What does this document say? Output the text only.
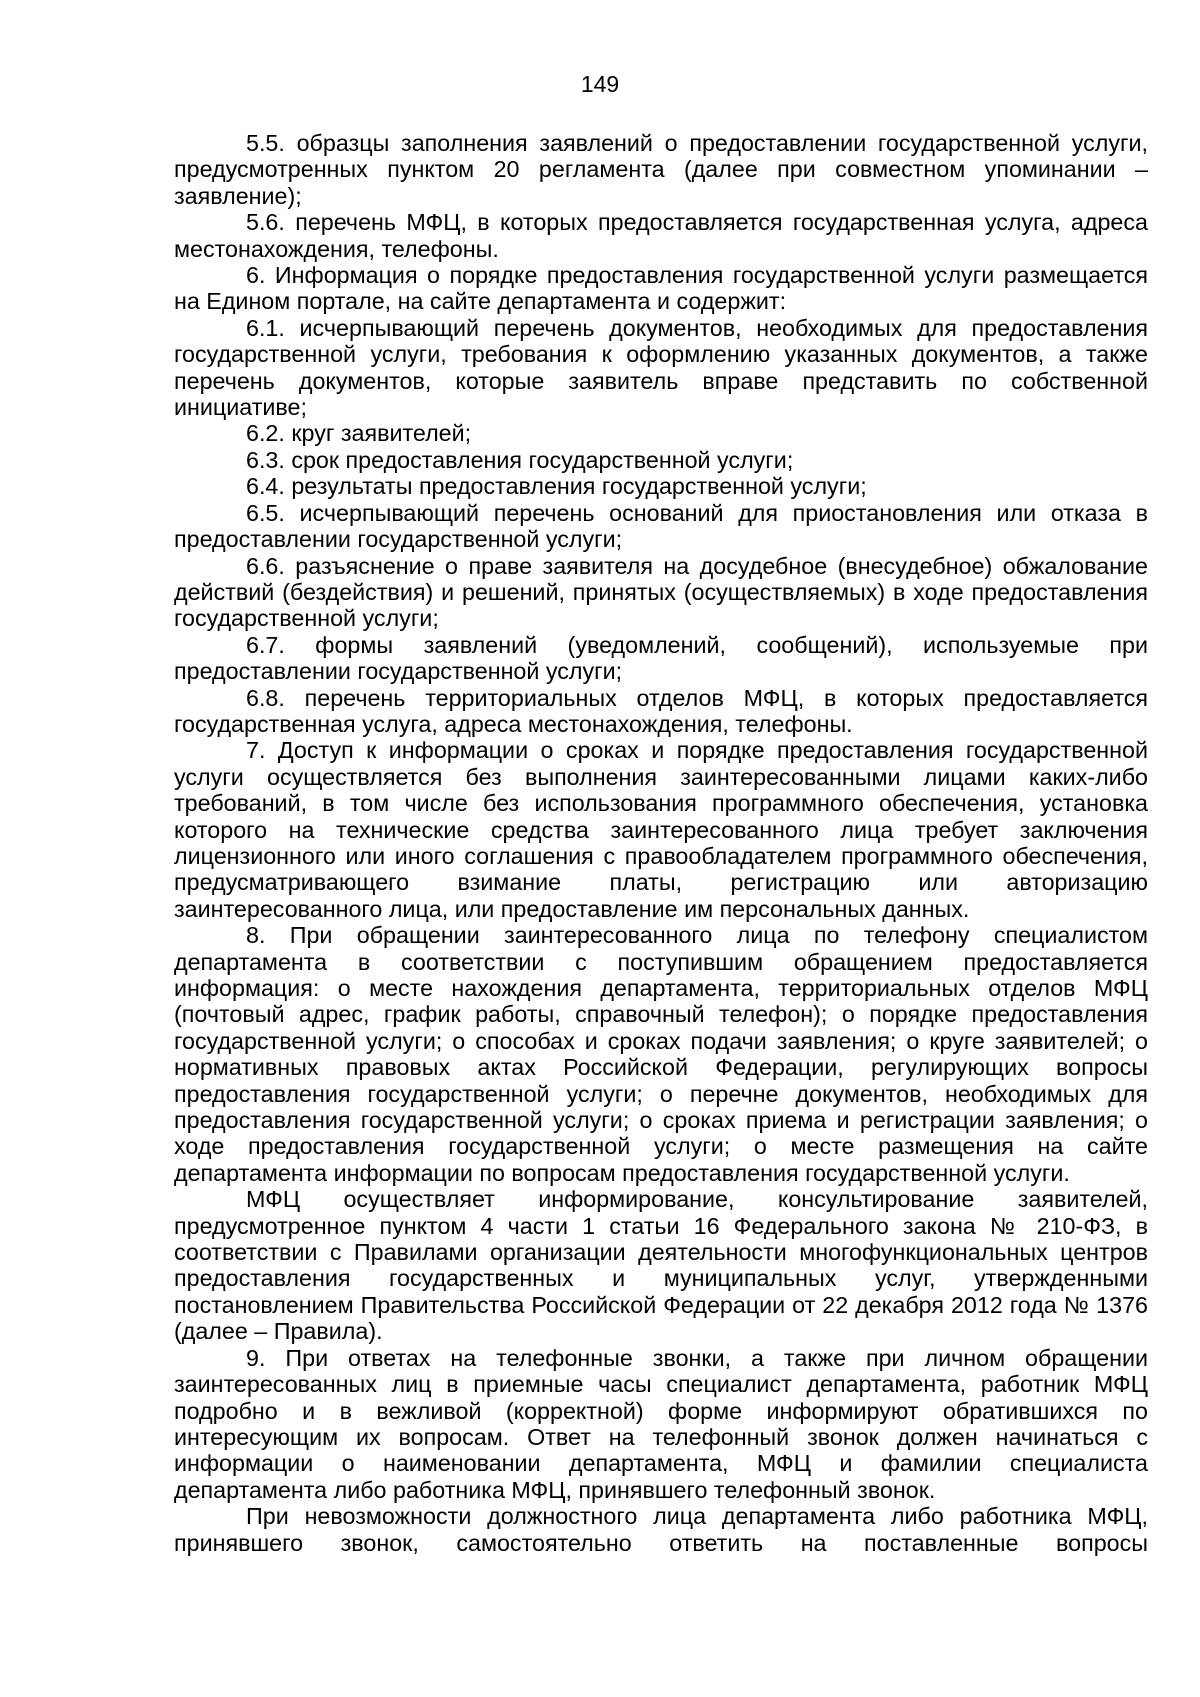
149

5.5. образцы заполнения заявлений о предоставлении государственной услуги, предусмотренных пунктом 20 регламента (далее при совместном упоминании – заявление);

5.6. перечень МФЦ, в которых предоставляется государственная услуга, адреса местонахождения, телефоны.

6. Информация о порядке предоставления государственной услуги размещается на Едином портале, на сайте департамента и содержит:

6.1. исчерпывающий перечень документов, необходимых для предоставления государственной услуги, требования к оформлению указанных документов, а также перечень документов, которые заявитель вправе представить по собственной инициативе;

6.2. круг заявителей;

6.3. срок предоставления государственной услуги;

6.4. результаты предоставления государственной услуги;

6.5. исчерпывающий перечень оснований для приостановления или отказа в предоставлении государственной услуги;

6.6. разъяснение о праве заявителя на досудебное (внесудебное) обжалование действий (бездействия) и решений, принятых (осуществляемых) в ходе предоставления государственной услуги;

6.7. формы заявлений (уведомлений, сообщений), используемые при предоставлении государственной услуги;

6.8. перечень территориальных отделов МФЦ, в которых предоставляется государственная услуга, адреса местонахождения, телефоны.

7. Доступ к информации о сроках и порядке предоставления государственной услуги осуществляется без выполнения заинтересованными лицами каких-либо требований, в том числе без использования программного обеспечения, установка которого на технические средства заинтересованного лица требует заключения лицензионного или иного соглашения с правообладателем программного обеспечения, предусматривающего взимание платы, регистрацию или авторизацию заинтересованного лица, или предоставление им персональных данных.

8. При обращении заинтересованного лица по телефону специалистом департамента в соответствии с поступившим обращением предоставляется информация: о месте нахождения департамента, территориальных отделов МФЦ (почтовый адрес, график работы, справочный телефон); о порядке предоставления государственной услуги; о способах и сроках подачи заявления; о круге заявителей; о нормативных правовых актах Российской Федерации, регулирующих вопросы предоставления государственной услуги; о перечне документов, необходимых для предоставления государственной услуги; о сроках приема и регистрации заявления; о ходе предоставления государственной услуги; о месте размещения на сайте департамента информации по вопросам предоставления государственной услуги.

МФЦ осуществляет информирование, консультирование заявителей, предусмотренное пунктом 4 части 1 статьи 16 Федерального закона № 210-ФЗ, в соответствии с Правилами организации деятельности многофункциональных центров предоставления государственных и муниципальных услуг, утвержденными постановлением Правительства Российской Федерации от 22 декабря 2012 года № 1376 (далее – Правила).

9. При ответах на телефонные звонки, а также при личном обращении заинтересованных лиц в приемные часы специалист департамента, работник МФЦ подробно и в вежливой (корректной) форме информируют обратившихся по интересующим их вопросам. Ответ на телефонный звонок должен начинаться с информации о наименовании департамента, МФЦ и фамилии специалиста департамента либо работника МФЦ, принявшего телефонный звонок.

При невозможности должностного лица департамента либо работника МФЦ, принявшего звонок, самостоятельно ответить на поставленные вопросы
